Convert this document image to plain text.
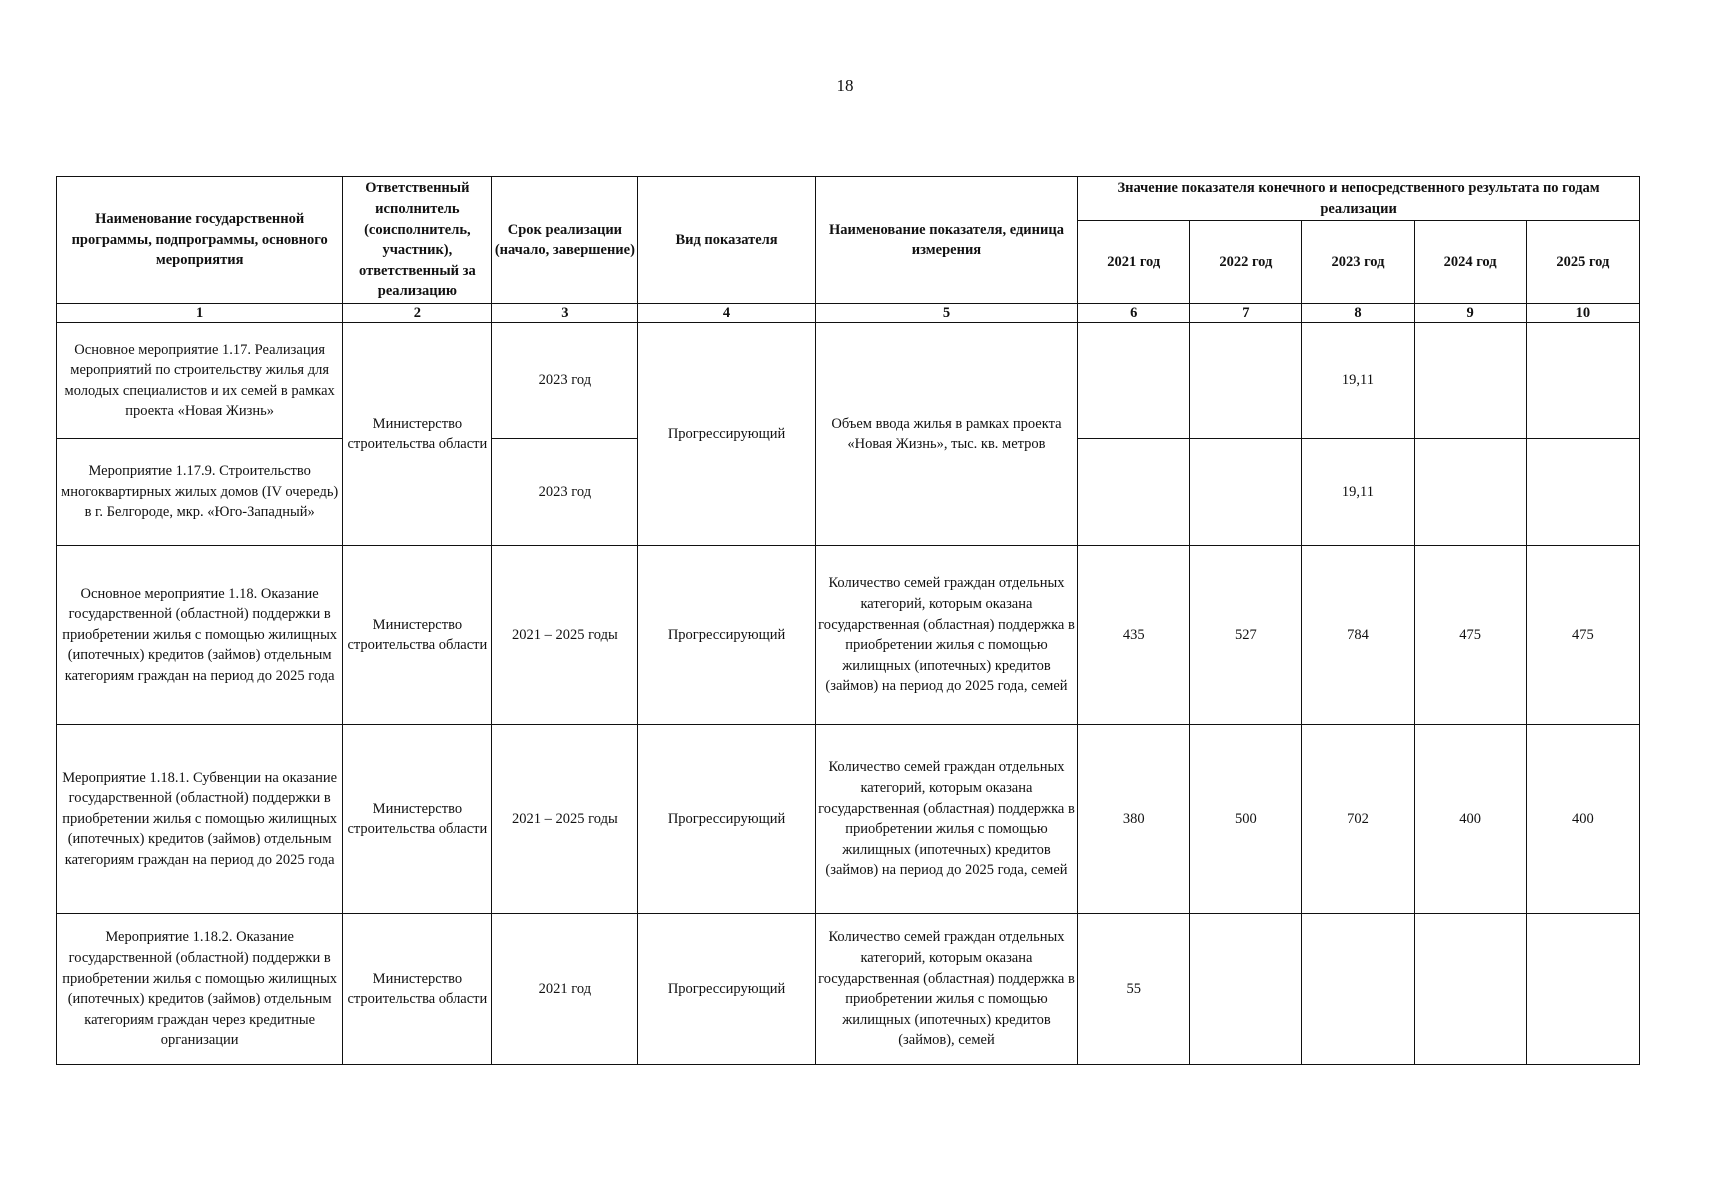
18
Наименование государственной программы, подпрограммы, основного мероприятия	Ответственный исполнитель (соисполнитель, участник), ответственный за реализацию	Срок реализации (начало, завершение)	Вид показателя	Наименование показателя, единица измерения	Значение показателя конечного и непосредственного результата по годам реализации				
					2021 год	2022 год	2023 год	2024 год	2025 год
1	2	3	4	5	6	7	8	9	10
Основное мероприятие 1.17. Реализация мероприятий по строительству жилья для молодых специалистов и их семей в рамках проекта «Новая Жизнь»	Министерство строительства области	2023 год	Прогрессирующий	Объем ввода жилья в рамках проекта «Новая Жизнь», тыс. кв. метров			19,11		
Мероприятие 1.17.9. Строительство многоквартирных жилых домов (IV очередь) в г. Белгороде, мкр. «Юго-Западный»		2023 год					19,11		
Основное мероприятие 1.18. Оказание государственной (областной) поддержки в приобретении жилья с помощью жилищных (ипотечных) кредитов (займов) отдельным категориям граждан на период до 2025 года	Министерство строительства области	2021 – 2025 годы	Прогрессирующий	Количество семей граждан отдельных категорий, которым оказана государственная (областная) поддержка в приобретении жилья с помощью жилищных (ипотечных) кредитов (займов) на период до 2025 года, семей	435	527	784	475	475
Мероприятие 1.18.1. Субвенции на оказание государственной (областной) поддержки в приобретении жилья с помощью жилищных (ипотечных) кредитов (займов) отдельным категориям граждан на период до 2025 года	Министерство строительства области	2021 – 2025 годы	Прогрессирующий	Количество семей граждан отдельных категорий, которым оказана государственная (областная) поддержка в приобретении жилья с помощью жилищных (ипотечных) кредитов (займов) на период до 2025 года, семей	380	500	702	400	400
Мероприятие 1.18.2. Оказание государственной (областной) поддержки в приобретении жилья с помощью жилищных (ипотечных) кредитов (займов) отдельным категориям граждан через кредитные организации	Министерство строительства области	2021 год	Прогрессирующий	Количество семей граждан отдельных категорий, которым оказана государственная (областная) поддержка в приобретении жилья с помощью жилищных (ипотечных) кредитов (займов), семей	55				
